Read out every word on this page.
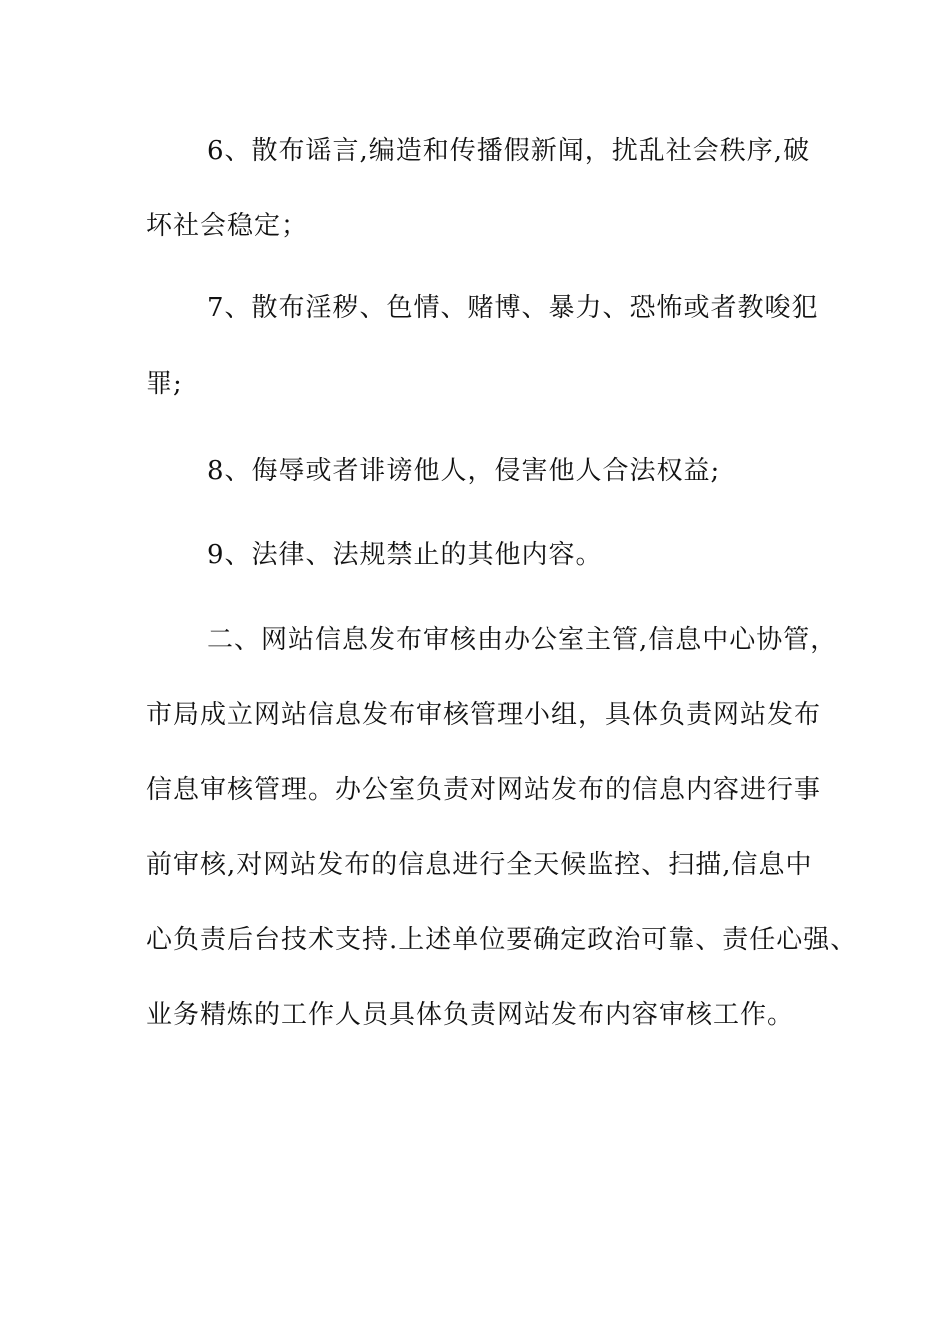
6、散布谣言,编造和传播假新闻，扰乱社会秩序,破

坏社会稳定；

7、散布淫秽、色情、赌博、暴力、恐怖或者教唆犯

罪;

8、侮辱或者诽谤他人，侵害他人合法权益;

9、法律、法规禁止的其他内容。

二、网站信息发布审核由办公室主管,信息中心协管，

市局成立网站信息发布审核管理小组，具体负责网站发布

信息审核管理。办公室负责对网站发布的信息内容进行事

前审核,对网站发布的信息进行全天候监控、扫描,信息中

心负责后台技术支持.上述单位要确定政治可靠、责任心强、

业务精炼的工作人员具体负责网站发布内容审核工作。
